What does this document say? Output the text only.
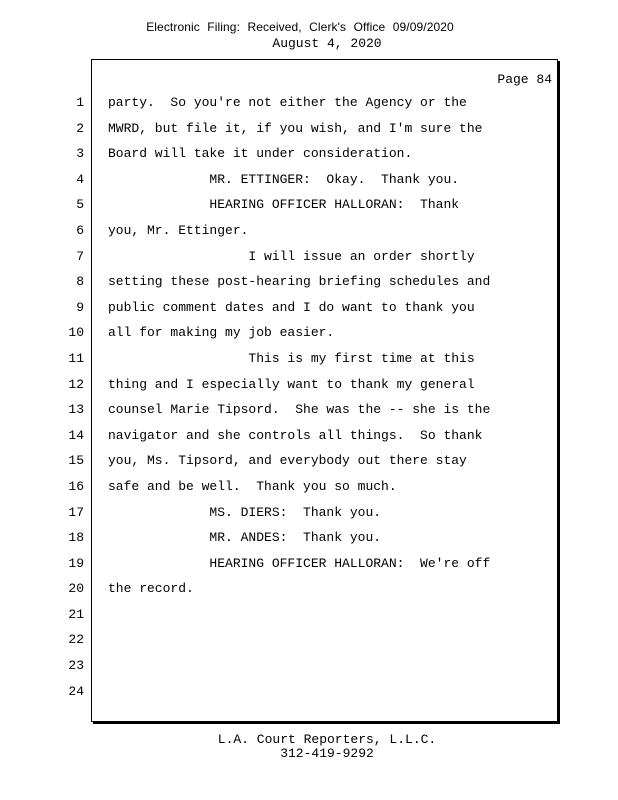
Electronic Filing: Received, Clerk's Office 09/09/2020
August 4, 2020
Page 84
1
2
3
4
5
6
7
8
9
10
11
12
13
14
15
16
17
18
19
20
21
22
23
24
party.  So you're not either the Agency or the
MWRD, but file it, if you wish, and I'm sure the
Board will take it under consideration.
MR. ETTINGER:  Okay.  Thank you.
HEARING OFFICER HALLORAN:  Thank
you, Mr. Ettinger.
I will issue an order shortly
setting these post-hearing briefing schedules and
public comment dates and I do want to thank you
all for making my job easier.
This is my first time at this
thing and I especially want to thank my general
counsel Marie Tipsord.  She was the -- she is the
navigator and she controls all things.  So thank
you, Ms. Tipsord, and everybody out there stay
safe and be well.  Thank you so much.
MS. DIERS:  Thank you.
MR. ANDES:  Thank you.
HEARING OFFICER HALLORAN:  We're off
the record.
L.A. Court Reporters, L.L.C.
312-419-9292
